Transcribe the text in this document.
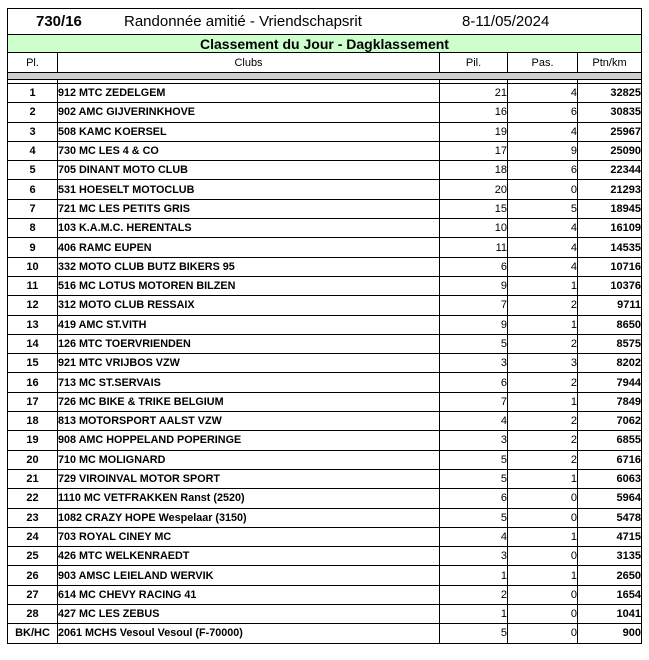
730/16 Randonnée amitié - Vriendschapsrit 8-11/05/2024				
Classement du Jour - Dagklassement				
Pl.	Clubs	Pil.	Pas.	Ptn/km

1	912 MTC ZEDELGEM	21	4	32825
2	902 AMC GIJVERINKHOVE	16	6	30835
3	508 KAMC KOERSEL	19	4	25967
4	730 MC LES 4 & CO	17	9	25090
5	705 DINANT MOTO CLUB	18	6	22344
6	531 HOESELT MOTOCLUB	20	0	21293
7	721 MC LES PETITS GRIS	15	5	18945
8	103 K.A.M.C. HERENTALS	10	4	16109
9	406 RAMC EUPEN	11	4	14535
10	332 MOTO CLUB BUTZ BIKERS 95	6	4	10716
11	516 MC LOTUS MOTOREN BILZEN	9	1	10376
12	312 MOTO CLUB RESSAIX	7	2	9711
13	419 AMC ST.VITH	9	1	8650
14	126 MTC TOERVRIENDEN	5	2	8575
15	921 MTC VRIJBOS VZW	3	3	8202
16	713 MC ST.SERVAIS	6	2	7944
17	726 MC BIKE & TRIKE BELGIUM	7	1	7849
18	813 MOTORSPORT AALST VZW	4	2	7062
19	908 AMC HOPPELAND POPERINGE	3	2	6855
20	710 MC MOLIGNARD	5	2	6716
21	729 VIROINVAL MOTOR SPORT	5	1	6063
22	1110 MC VETFRAKKEN Ranst (2520)	6	0	5964
23	1082 CRAZY HOPE Wespelaar (3150)	5	0	5478
24	703 ROYAL CINEY MC	4	1	4715
25	426 MTC WELKENRAEDT	3	0	3135
26	903 AMSC LEIELAND WERVIK	1	1	2650
27	614 MC CHEVY RACING 41	2	0	1654
28	427 MC LES ZEBUS	1	0	1041
BK/HC	2061 MCHS Vesoul Vesoul (F-70000)	5	0	900
